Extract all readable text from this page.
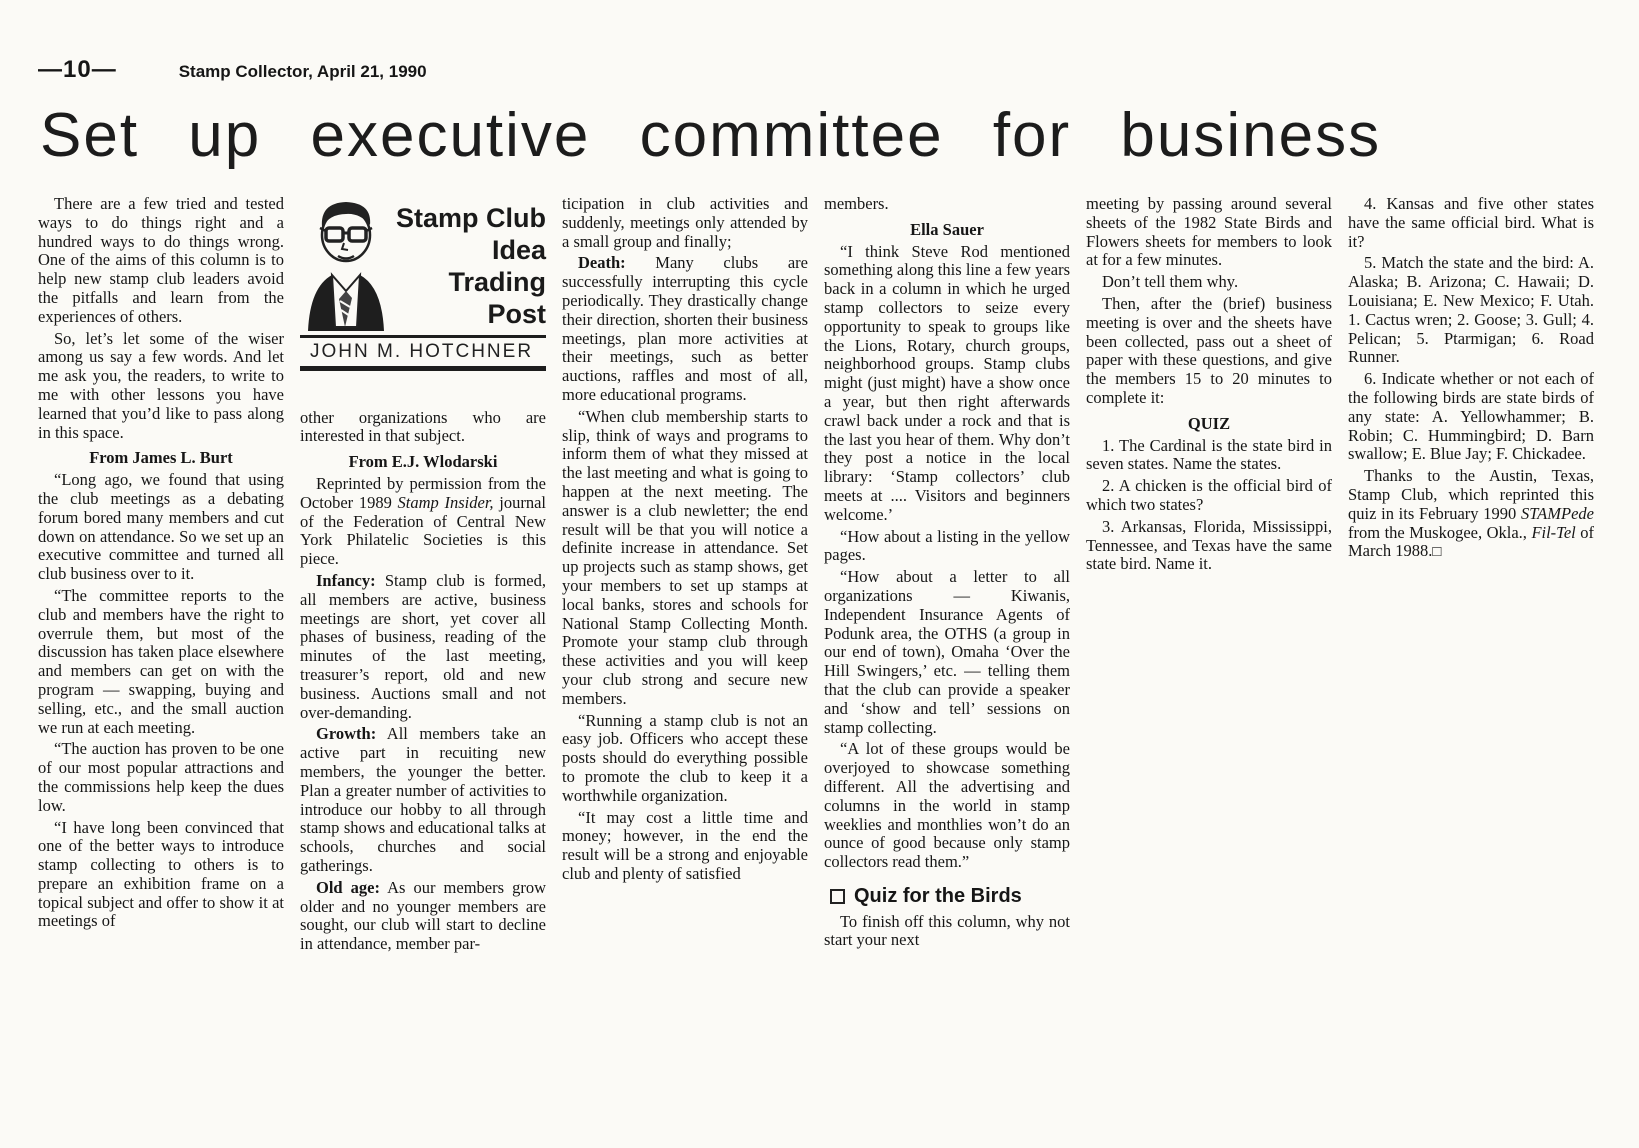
—10—	Stamp Collector, April 21, 1990
Set up executive committee for business

There are a few tried and tested ways to do things right and a hundred ways to do things wrong. One of the aims of this column is to help new stamp club leaders avoid the pitfalls and learn from the experiences of others.

So, let’s let some of the wiser among us say a few words. And let me ask you, the readers, to write to me with other lessons you have learned that you’d like to pass along in this space.

From James L. Burt

“Long ago, we found that using the club meetings as a debating forum bored many members and cut down on attendance. So we set up an executive committee and turned all club business over to it.

“The committee reports to the club and members have the right to overrule them, but most of the discussion has taken place elsewhere and members can get on with the program — swapping, buying and selling, etc., and the small auction we run at each meeting.

“The auction has proven to be one of our most popular attractions and the commissions help keep the dues low.

“I have long been convinced that one of the better ways to introduce stamp collecting to others is to prepare an exhibition frame on a topical subject and offer to show it at meetings of

Stamp Club
Idea
Trading
Post
JOHN M. HOTCHNER

other organizations who are interested in that subject.

From E.J. Wlodarski

Reprinted by permission from the October 1989 Stamp Insider, journal of the Federation of Central New York Philatelic Societies is this piece.

Infancy: Stamp club is formed, all members are active, business meetings are short, yet cover all phases of business, reading of the minutes of the last meeting, treasurer’s report, old and new business. Auctions small and not over-demanding.

Growth: All members take an active part in recuiting new members, the younger the better. Plan a greater number of activities to introduce our hobby to all through stamp shows and educational talks at schools, churches and social gatherings.

Old age: As our members grow older and no younger members are sought, our club will start to decline in attendance, member par-

ticipation in club activities and suddenly, meetings only attended by a small group and finally;

Death: Many clubs are successfully interrupting this cycle periodically. They drastically change their direction, shorten their business meetings, plan more activities at their meetings, such as better auctions, raffles and most of all, more educational programs.

“When club membership starts to slip, think of ways and programs to inform them of what they missed at the last meeting and what is going to happen at the next meeting. The answer is a club newletter; the end result will be that you will notice a definite increase in attendance. Set up projects such as stamp shows, get your members to set up stamps at local banks, stores and schools for National Stamp Collecting Month. Promote your stamp club through these activities and you will keep your club strong and secure new members.

“Running a stamp club is not an easy job. Officers who accept these posts should do everything possible to promote the club to keep it a worthwhile organization.

“It may cost a little time and money; however, in the end the result will be a strong and enjoyable club and plenty of satisfied

members.

Ella Sauer

“I think Steve Rod mentioned something along this line a few years back in a column in which he urged stamp collectors to seize every opportunity to speak to groups like the Lions, Rotary, church groups, neighborhood groups. Stamp clubs might (just might) have a show once a year, but then right afterwards crawl back under a rock and that is the last you hear of them. Why don’t they post a notice in the local library: ‘Stamp collectors’ club meets at .... Visitors and beginners welcome.’

“How about a listing in the yellow pages.

“How about a letter to all organizations — Kiwanis, Independent Insurance Agents of Podunk area, the OTHS (a group in our end of town), Omaha ‘Over the Hill Swingers,’ etc. — telling them that the club can provide a speaker and ‘show and tell’ sessions on stamp collecting.

“A lot of these groups would be overjoyed to showcase something different. All the advertising and columns in the world in stamp weeklies and monthlies won’t do an ounce of good because only stamp collectors read them.”

Quiz for the Birds

To finish off this column, why not start your next

meeting by passing around several sheets of the 1982 State Birds and Flowers sheets for members to look at for a few minutes.

Don’t tell them why.

Then, after the (brief) business meeting is over and the sheets have been collected, pass out a sheet of paper with these questions, and give the members 15 to 20 minutes to complete it:

QUIZ

1. The Cardinal is the state bird in seven states. Name the states.

2. A chicken is the official bird of which two states?

3. Arkansas, Florida, Mississippi, Tennessee, and Texas have the same state bird. Name it.

4. Kansas and five other states have the same official bird. What is it?

5. Match the state and the bird: A. Alaska; B. Arizona; C. Hawaii; D. Louisiana; E. New Mexico; F. Utah. 1. Cactus wren; 2. Goose; 3. Gull; 4. Pelican; 5. Ptarmigan; 6. Road Runner.

6. Indicate whether or not each of the following birds are state birds of any state: A. Yellowhammer; B. Robin; C. Hummingbird; D. Barn swallow; E. Blue Jay; F. Chickadee.

Thanks to the Austin, Texas, Stamp Club, which reprinted this quiz in its February 1990 STAMPede from the Muskogee, Okla., Fil-Tel of March 1988.□
